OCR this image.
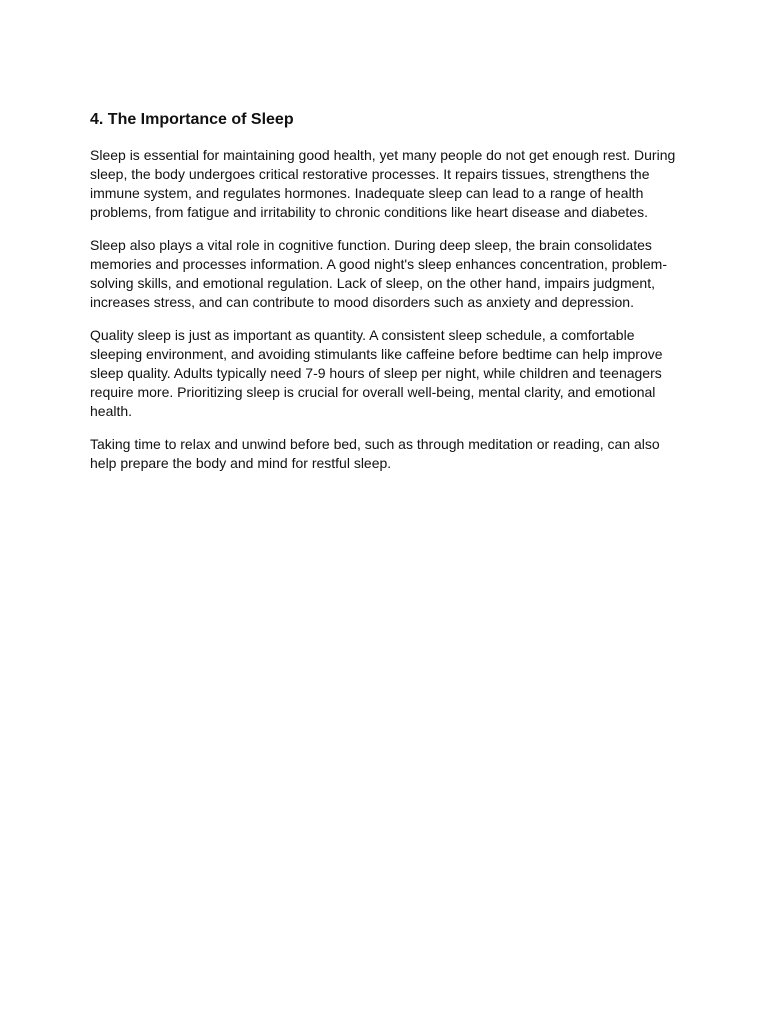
4. The Importance of Sleep

Sleep is essential for maintaining good health, yet many people do not get enough rest. During sleep, the body undergoes critical restorative processes. It repairs tissues, strengthens the immune system, and regulates hormones. Inadequate sleep can lead to a range of health problems, from fatigue and irritability to chronic conditions like heart disease and diabetes.

Sleep also plays a vital role in cognitive function. During deep sleep, the brain consolidates memories and processes information. A good night's sleep enhances concentration, problem-solving skills, and emotional regulation. Lack of sleep, on the other hand, impairs judgment, increases stress, and can contribute to mood disorders such as anxiety and depression.

Quality sleep is just as important as quantity. A consistent sleep schedule, a comfortable sleeping environment, and avoiding stimulants like caffeine before bedtime can help improve sleep quality. Adults typically need 7-9 hours of sleep per night, while children and teenagers require more. Prioritizing sleep is crucial for overall well-being, mental clarity, and emotional health.

Taking time to relax and unwind before bed, such as through meditation or reading, can also help prepare the body and mind for restful sleep.
